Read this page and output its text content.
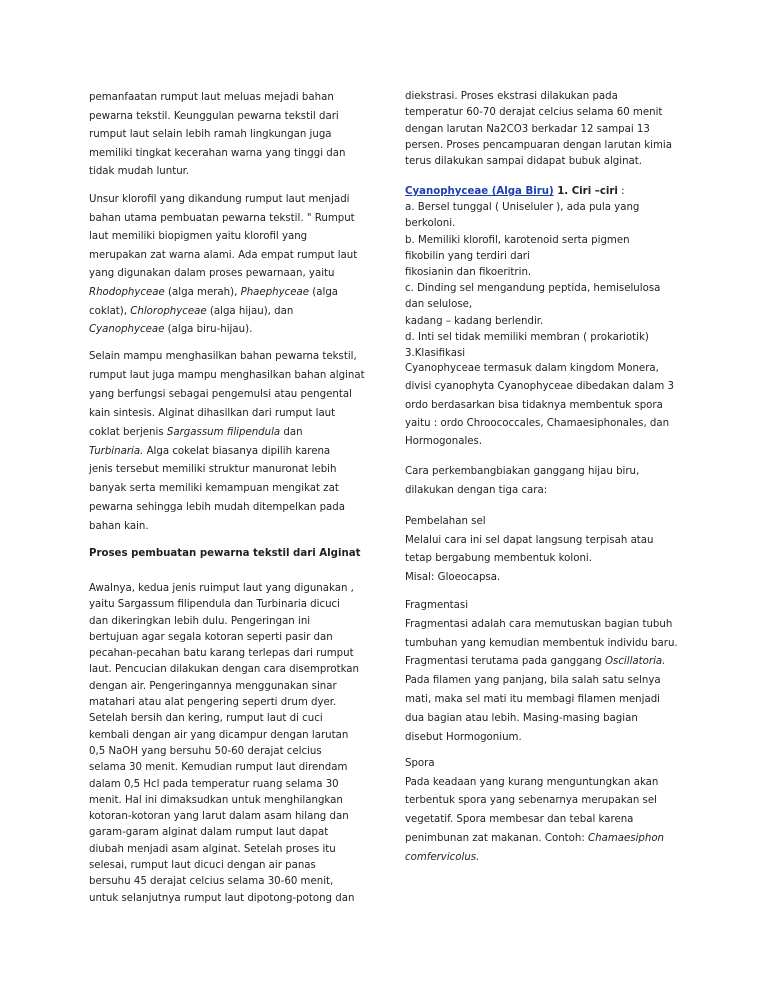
pemanfaatan rumput laut meluas mejadi bahan
pewarna tekstil. Keunggulan pewarna tekstil dari
rumput laut selain lebih ramah lingkungan juga
memiliki tingkat kecerahan warna yang tinggi dan
tidak mudah luntur.
Unsur klorofil yang dikandung rumput laut menjadi
bahan utama pembuatan pewarna tekstil. " Rumput
laut memiliki biopigmen yaitu klorofil yang
merupakan zat warna alami. Ada empat rumput laut
yang digunakan dalam proses pewarnaan, yaitu
Rhodophyceae (alga merah), Phaephyceae (alga
coklat), Chlorophyceae (alga hijau), dan
Cyanophyceae (alga biru-hijau).
Selain mampu menghasilkan bahan pewarna tekstil,
rumput laut juga mampu menghasilkan bahan alginat
yang berfungsi sebagai pengemulsi atau pengental
kain sintesis. Alginat dihasilkan dari rumput laut
coklat berjenis Sargassum filipendula dan
Turbinaria. Alga cokelat biasanya dipilih karena
jenis tersebut memiliki struktur manuronat lebih
banyak serta memiliki kemampuan mengikat zat
pewarna sehingga lebih mudah ditempelkan pada
bahan kain.
Proses pembuatan pewarna tekstil dari Alginat
Awalnya, kedua jenis ruimput laut yang digunakan ,
yaitu Sargassum filipendula dan Turbinaria dicuci
dan dikeringkan lebih dulu. Pengeringan ini
bertujuan agar segala kotoran seperti pasir dan
pecahan-pecahan batu karang terlepas dari rumput
laut. Pencucian dilakukan dengan cara disemprotkan
dengan air. Pengeringannya menggunakan sinar
matahari atau alat pengering seperti drum dyer.
Setelah bersih dan kering, rumput laut di cuci
kembali dengan air yang dicampur dengan larutan
0,5 NaOH yang bersuhu 50-60 derajat celcius
selama 30 menit. Kemudian rumput laut direndam
dalam 0,5 Hcl pada temperatur ruang selama 30
menit. Hal ini dimaksudkan untuk menghilangkan
kotoran-kotoran yang larut dalam asam hilang dan
garam-garam alginat dalam rumput laut dapat
diubah menjadi asam alginat. Setelah proses itu
selesai, rumput laut dicuci dengan air panas
bersuhu 45 derajat celcius selama 30-60 menit,
untuk selanjutnya rumput laut dipotong-potong dan
diekstrasi. Proses ekstrasi dilakukan pada
temperatur 60-70 derajat celcius selama 60 menit
dengan larutan Na2CO3 berkadar 12 sampai 13
persen. Proses pencampuaran dengan larutan kimia
terus dilakukan sampai didapat bubuk alginat.
Cyanophyceae (Alga Biru) 1. Ciri –ciri :
a. Bersel tunggal ( Uniseluler ), ada pula yang
berkoloni.
b. Memiliki klorofil, karotenoid serta pigmen
fikobilin yang terdiri dari
fikosianin dan fikoeritrin.
c. Dinding sel mengandung peptida, hemiselulosa
dan selulose,
kadang – kadang berlendir.
d. Inti sel tidak memiliki membran ( prokariotik)
3.Klasifikasi
Cyanophyceae termasuk dalam kingdom Monera,
divisi cyanophyta Cyanophyceae dibedakan dalam 3
ordo berdasarkan bisa tidaknya membentuk spora
yaitu : ordo Chroococcales, Chamaesiphonales, dan
Hormogonales.
Cara perkembangbiakan ganggang hijau biru,
dilakukan dengan tiga cara:
Pembelahan sel
Melalui cara ini sel dapat langsung terpisah atau
tetap bergabung membentuk koloni.
Misal: Gloeocapsa.
Fragmentasi
Fragmentasi adalah cara memutuskan bagian tubuh
tumbuhan yang kemudian membentuk individu baru.
Fragmentasi terutama pada ganggang Oscillatoria.
Pada filamen yang panjang, bila salah satu selnya
mati, maka sel mati itu membagi filamen menjadi
dua bagian atau lebih. Masing-masing bagian
disebut Hormogonium.
Spora
Pada keadaan yang kurang menguntungkan akan
terbentuk spora yang sebenarnya merupakan sel
vegetatif. Spora membesar dan tebal karena
penimbunan zat makanan. Contoh: Chamaesiphon
comfervicolus.
